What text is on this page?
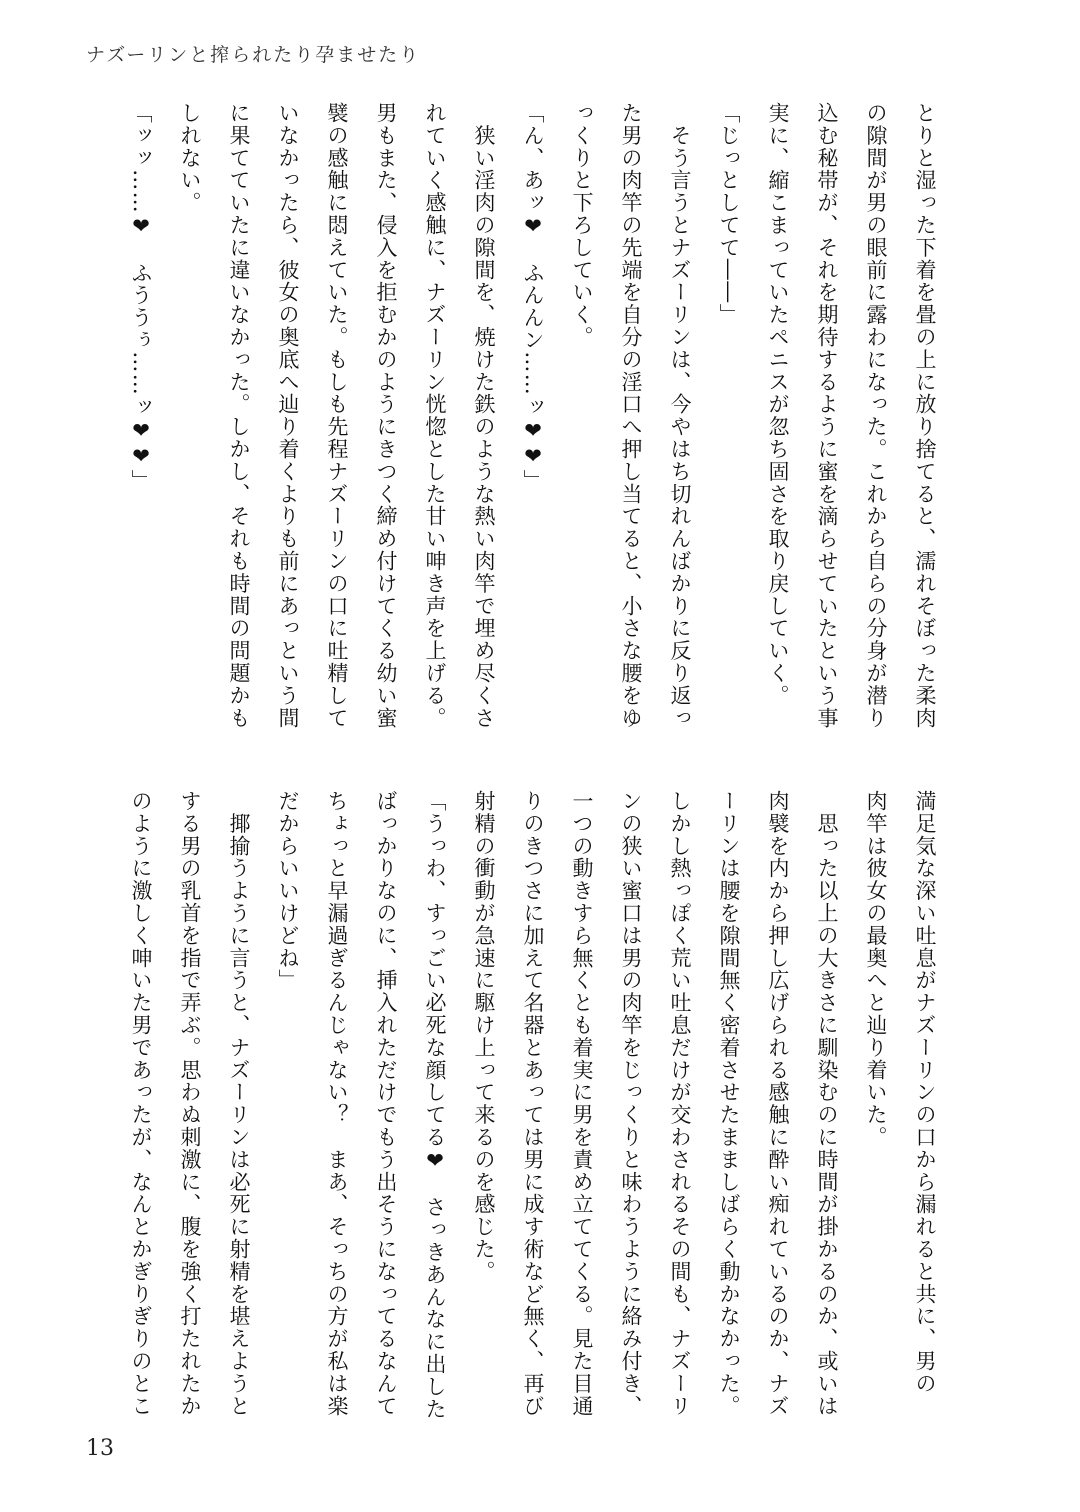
ナズーリンと搾られたり孕ませたり
とりと湿った下着を畳の上に放り捨てると、濡れそぼった柔肉
の隙間が男の眼前に露わになった。これから自らの分身が潜り
込む秘帯が、それを期待するように蜜を滴らせていたという事
実に、縮こまっていたペニスが忽ち固さを取り戻していく。
「じっとしてて――」
　そう言うとナズーリンは、今やはち切れんばかりに反り返っ
た男の肉竿の先端を自分の淫口へ押し当てると、小さな腰をゆ
っくりと下ろしていく。
「ん、あッ❤　ふんんン……ッ❤❤」
　狭い淫肉の隙間を、焼けた鉄のような熱い肉竿で埋め尽くさ
れていく感触に、ナズーリン恍惚とした甘い呻き声を上げる。
男もまた、侵入を拒むかのようにきつく締め付けてくる幼い蜜
襞の感触に悶えていた。もしも先程ナズーリンの口に吐精して
いなかったら、彼女の奥底へ辿り着くよりも前にあっという間
に果てていたに違いなかった。しかし、それも時間の問題かも
しれない。
「ッッ……❤　ふううぅ……ッ❤❤」
満足気な深い吐息がナズーリンの口から漏れると共に、男の
肉竿は彼女の最奥へと辿り着いた。
　思った以上の大きさに馴染むのに時間が掛かるのか、或いは
肉襞を内から押し広げられる感触に酔い痴れているのか、ナズ
ーリンは腰を隙間無く密着させたまましばらく動かなかった。
しかし熱っぽく荒い吐息だけが交わされるその間も、ナズーリ
ンの狭い蜜口は男の肉竿をじっくりと味わうように絡み付き、
一つの動きすら無くとも着実に男を責め立ててくる。見た目通
りのきつさに加えて名器とあっては男に成す術など無く、再び
射精の衝動が急速に駆け上って来るのを感じた。
「うっわ、すっごい必死な顔してる❤　さっきあんなに出した
ばっかりなのに、挿入れただけでもう出そうになってるなんて
ちょっと早漏過ぎるんじゃない？　まあ、そっちの方が私は楽
だからいいけどね」
　揶揄うように言うと、ナズーリンは必死に射精を堪えようと
する男の乳首を指で弄ぶ。思わぬ刺激に、腹を強く打たれたか
のように激しく呻いた男であったが、なんとかぎりぎりのとこ
13
